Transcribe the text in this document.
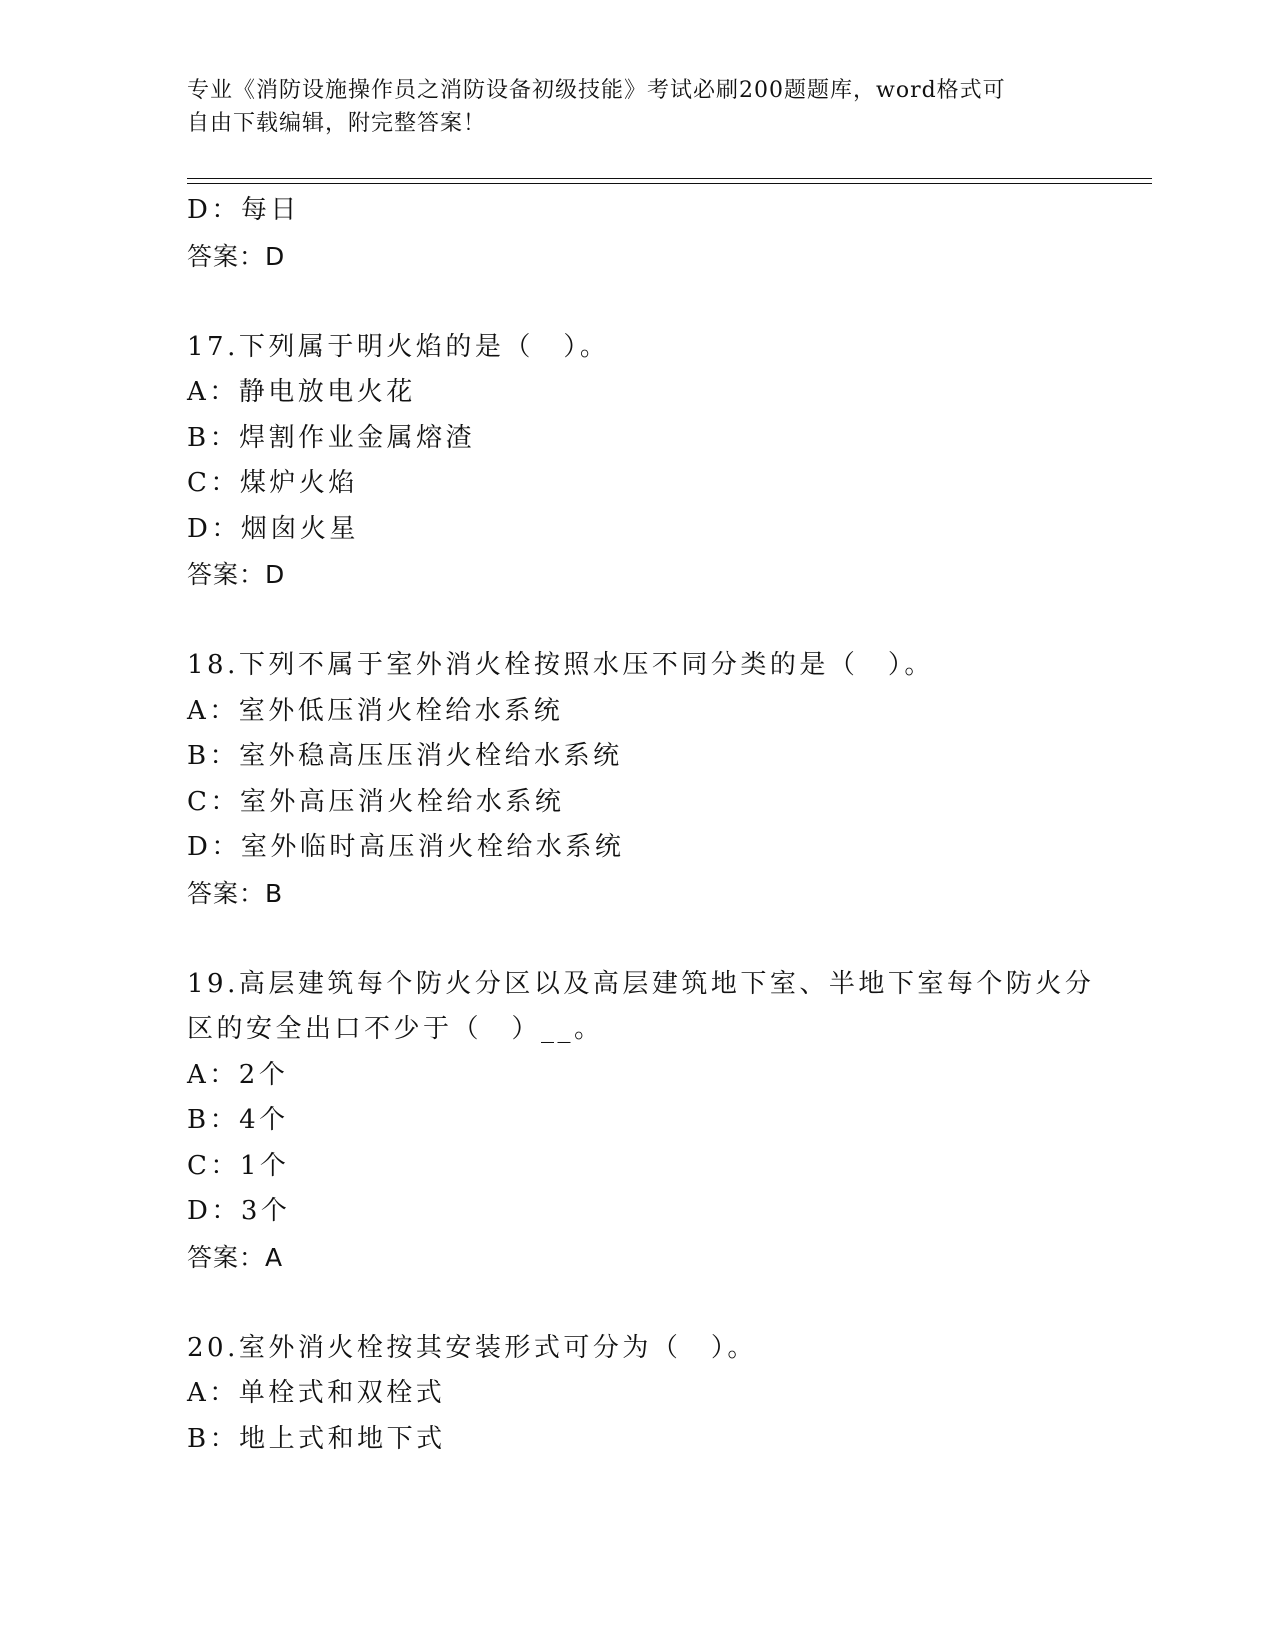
专业《消防设施操作员之消防设备初级技能》考试必刷200题题库，word格式可
自由下载编辑，附完整答案！
D：每日
答案：D
17.下列属于明火焰的是（　）。
A：静电放电火花
B：焊割作业金属熔渣
C：煤炉火焰
D：烟囱火星
答案：D
18.下列不属于室外消火栓按照水压不同分类的是（　）。
A：室外低压消火栓给水系统
B：室外稳高压压消火栓给水系统
C：室外高压消火栓给水系统
D：室外临时高压消火栓给水系统
答案：B
19.高层建筑每个防火分区以及高层建筑地下室、半地下室每个防火分
区的安全出口不少于（　）__。
A：2个
B：4个
C：1个
D：3个
答案：A
20.室外消火栓按其安装形式可分为（　）。
A：单栓式和双栓式
B：地上式和地下式
